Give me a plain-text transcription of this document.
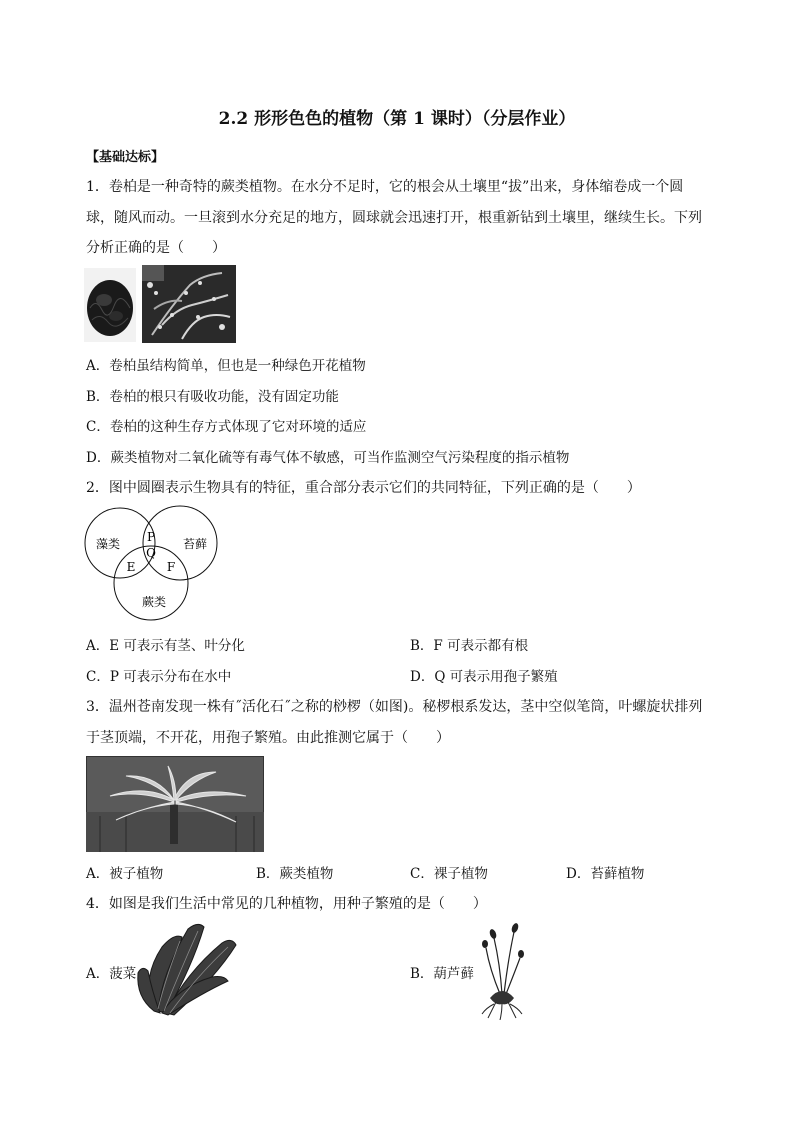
2.2 形形色色的植物（第 1 课时）（分层作业）
【基础达标】
1．卷柏是一种奇特的蕨类植物。在水分不足时，它的根会从土壤里“拔”出来，身体缩卷成一个圆
球，随风而动。一旦滚到水分充足的地方，圆球就会迅速打开，根重新钻到土壤里，继续生长。下列
分析正确的是（　　）
A．卷柏虽结构简单，但也是一种绿色开花植物
B．卷柏的根只有吸收功能，没有固定功能
C．卷柏的这种生存方式体现了它对环境的适应
D．蕨类植物对二氧化硫等有毒气体不敏感，可当作监测空气污染程度的指示植物
2．图中圆圈表示生物具有的特征，重合部分表示它们的共同特征，下列正确的是（　　）
藻类	苔藓
蕨类
P
Q
E	F
A．E 可表示有茎、叶分化	B．F 可表示都有根
C．P 可表示分布在水中	D．Q 可表示用孢子繁殖
3．温州苍南发现一株有˝活化石˝之称的桫椤（如图)。秘椤根系发达，茎中空似笔筒，叶螺旋状排列
于茎顶端，不开花，用孢子繁殖。由此推测它属于（　　）
A．被子植物	B．蕨类植物	C．裸子植物	D．苔藓植物
4．如图是我们生活中常见的几种植物，用种子繁殖的是（　　）
A．菠菜	B．葫芦藓
